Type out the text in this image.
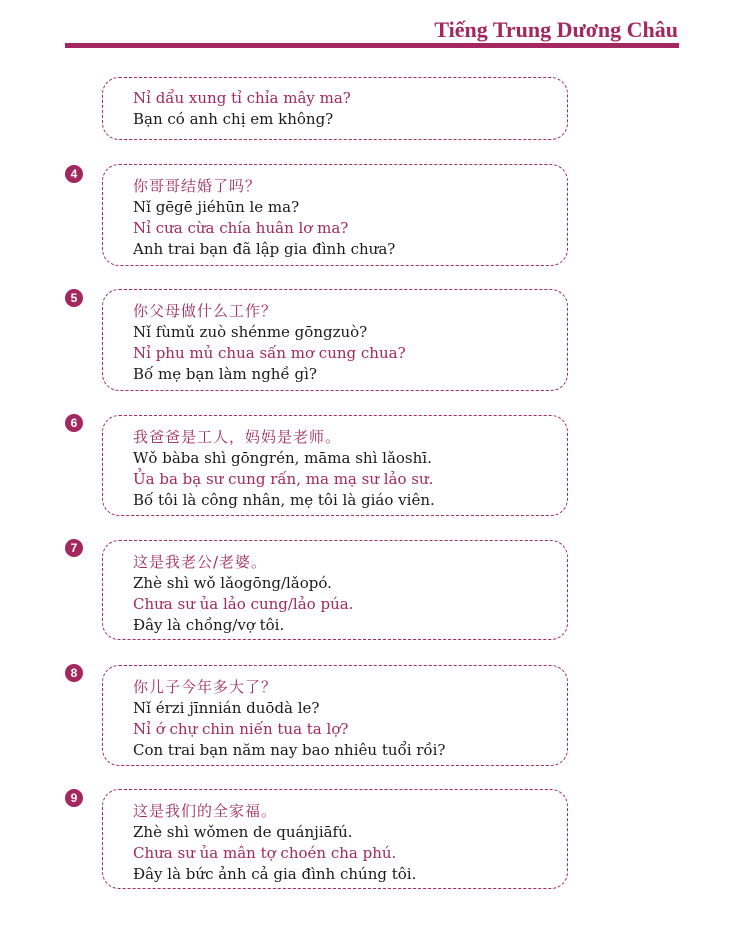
Tiếng Trung Dương Châu
Nỉ dẩu xung tỉ chỉa mây ma?
Bạn có anh chị em không?
4
你哥哥结婚了吗？
Nǐ gēgē jiéhūn le ma?
Nỉ cưa cừa chía huân lơ ma?
Anh trai bạn đã lập gia đình chưa?
5
你父母做什么工作？
Nǐ fùmǔ zuò shénme gōngzuò?
Nỉ phu mủ chua sấn mơ cung chua?
Bố mẹ bạn làm nghề gì?
6
我爸爸是工人，妈妈是老师。
Wǒ bàba shì gōngrén, māma shì lǎoshī.
Ủa ba bạ sư cung rấn, ma mạ sư lảo sư.
Bố tôi là công nhân, mẹ tôi là giáo viên.
7
这是我老公/老婆。
Zhè shì wǒ lǎogōng/lǎopó.
Chưa sư ủa lảo cung/lảo púa.
Đây là chồng/vợ tôi.
8
你儿子今年多大了？
Nǐ érzi jīnnián duōdà le?
Nỉ ớ chự chin niến tua ta lợ?
Con trai bạn năm nay bao nhiêu tuổi rồi?
9
这是我们的全家福。
Zhè shì wǒmen de quánjiāfú.
Chưa sư ủa mân tợ choén cha phú.
Đây là bức ảnh cả gia đình chúng tôi.
